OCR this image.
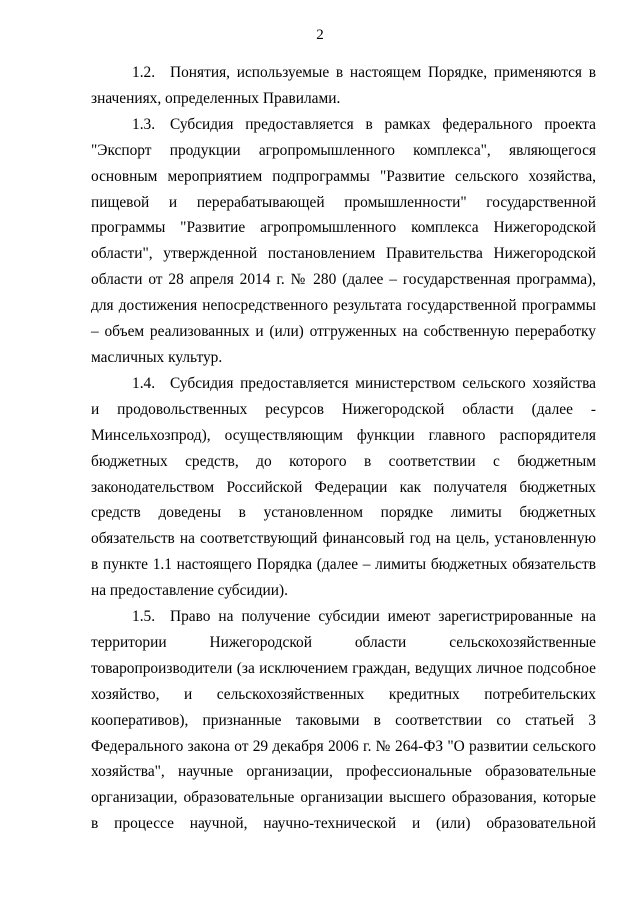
2

1.2. Понятия, используемые в настоящем Порядке, применяются в значениях, определенных Правилами.

1.3. Субсидия предоставляется в рамках федерального проекта "Экспорт продукции агропромышленного комплекса", являющегося основным мероприятием подпрограммы "Развитие сельского хозяйства, пищевой и перерабатывающей промышленности" государственной программы "Развитие агропромышленного комплекса Нижегородской области", утвержденной постановлением Правительства Нижегородской области от 28 апреля 2014 г. № 280 (далее – государственная программа), для достижения непосредственного результата государственной программы – объем реализованных и (или) отгруженных на собственную переработку масличных культур.

1.4. Субсидия предоставляется министерством сельского хозяйства и продовольственных ресурсов Нижегородской области (далее - Минсельхозпрод), осуществляющим функции главного распорядителя бюджетных средств, до которого в соответствии с бюджетным законодательством Российской Федерации как получателя бюджетных средств доведены в установленном порядке лимиты бюджетных обязательств на соответствующий финансовый год на цель, установленную в пункте 1.1 настоящего Порядка (далее – лимиты бюджетных обязательств на предоставление субсидии).

1.5. Право на получение субсидии имеют зарегистрированные на территории Нижегородской области сельскохозяйственные товаропроизводители (за исключением граждан, ведущих личное подсобное хозяйство, и сельскохозяйственных кредитных потребительских кооперативов), признанные таковыми в соответствии со статьей 3 Федерального закона от 29 декабря 2006 г. № 264-ФЗ "О развитии сельского хозяйства", научные организации, профессиональные образовательные организации, образовательные организации высшего образования, которые в процессе научной, научно-технической и (или) образовательной
